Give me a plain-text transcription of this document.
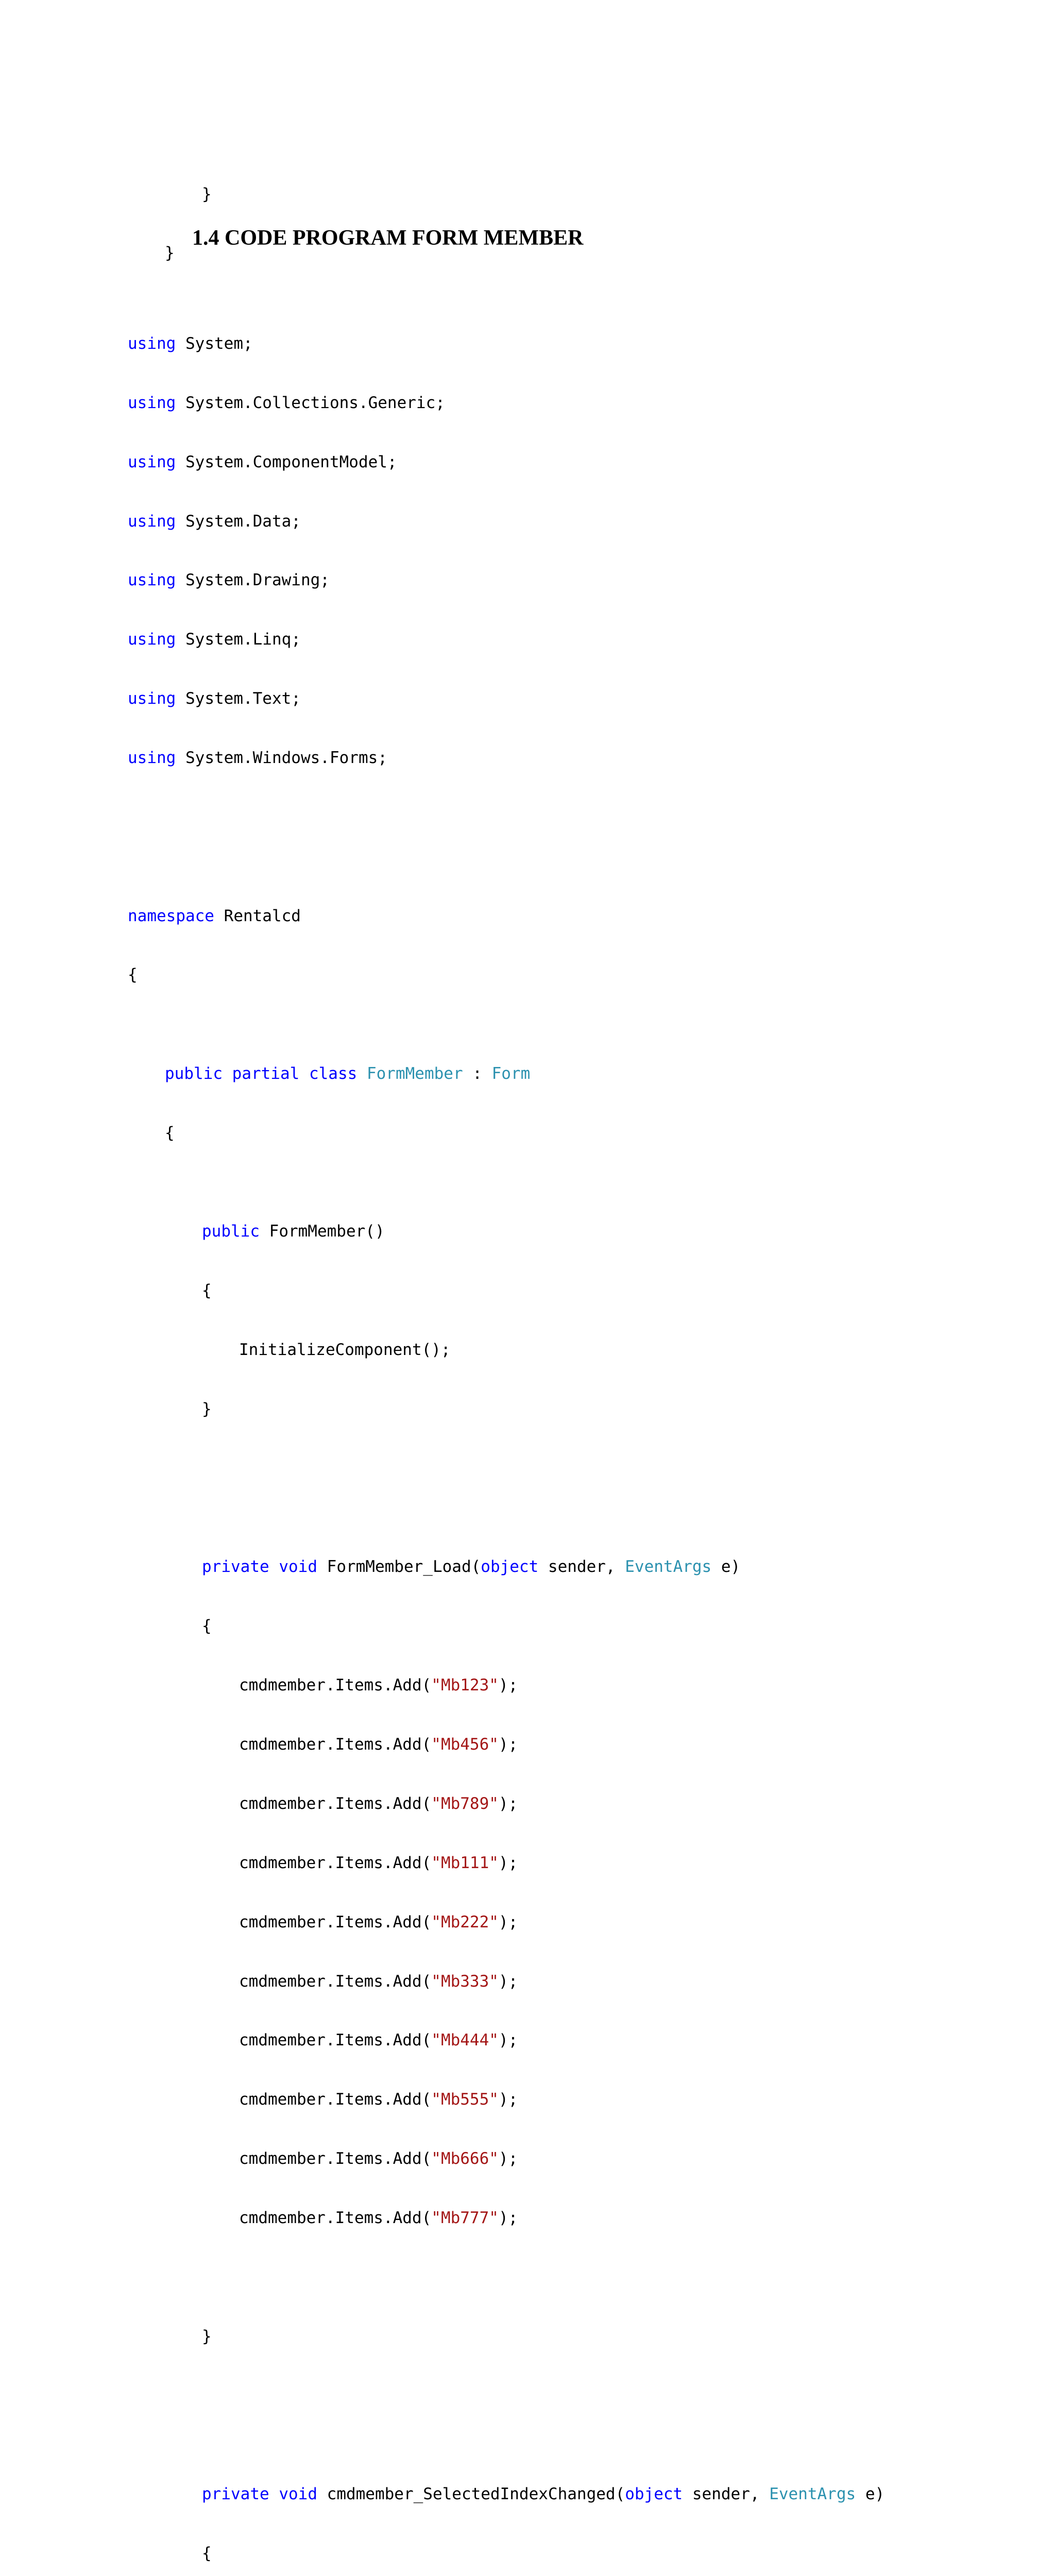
}

}

1.4 CODE PROGRAM FORM MEMBER

using System;

using System.Collections.Generic;

using System.ComponentModel;

using System.Data;

using System.Drawing;

using System.Linq;

using System.Text;

using System.Windows.Forms;

namespace Rentalcd

{

public partial class FormMember : Form

{

public FormMember()

{

InitializeComponent();

}

private void FormMember_Load(object sender, EventArgs e)

{

cmdmember.Items.Add("Mb123");

cmdmember.Items.Add("Mb456");

cmdmember.Items.Add("Mb789");

cmdmember.Items.Add("Mb111");

cmdmember.Items.Add("Mb222");

cmdmember.Items.Add("Mb333");

cmdmember.Items.Add("Mb444");

cmdmember.Items.Add("Mb555");

cmdmember.Items.Add("Mb666");

cmdmember.Items.Add("Mb777");

}

private void cmdmember_SelectedIndexChanged(object sender, EventArgs e)

{
